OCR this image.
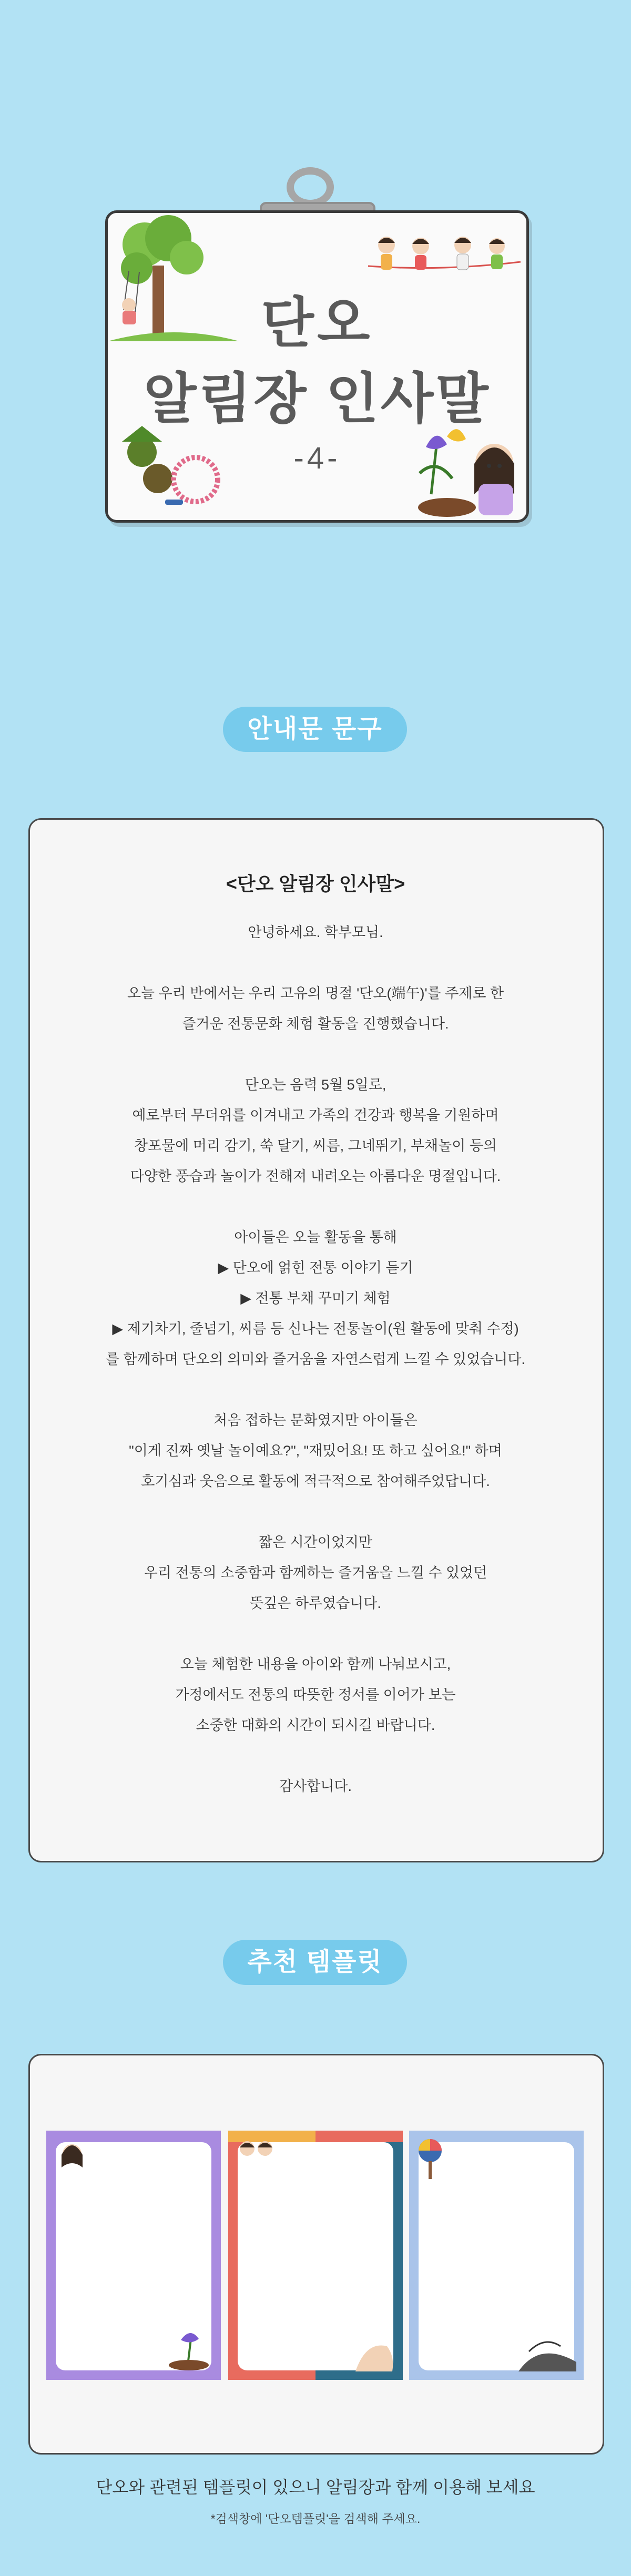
단오
알림장 인사말
-4-
안내문 문구
<단오 알림장 인사말>
안녕하세요. 학부모님.
오늘 우리 반에서는 우리 고유의 명절 '단오(端午)'를 주제로 한
즐거운 전통문화 체험 활동을 진행했습니다.
단오는 음력 5월 5일로,
예로부터 무더위를 이겨내고 가족의 건강과 행복을 기원하며
창포물에 머리 감기, 쑥 달기, 씨름, 그네뛰기, 부채놀이 등의
다양한 풍습과 놀이가 전해져 내려오는 아름다운 명절입니다.
아이들은 오늘 활동을 통해
▶ 단오에 얽힌 전통 이야기 듣기
▶ 전통 부채 꾸미기 체험
▶ 제기차기, 줄넘기, 씨름 등 신나는 전통놀이(원 활동에 맞춰 수정)
를 함께하며 단오의 의미와 즐거움을 자연스럽게 느낄 수 있었습니다.
처음 접하는 문화였지만 아이들은
"이게 진짜 옛날 놀이예요?", "재밌어요! 또 하고 싶어요!" 하며
호기심과 웃음으로 활동에 적극적으로 참여해주었답니다.
짧은 시간이었지만
우리 전통의 소중함과 함께하는 즐거움을 느낄 수 있었던
뜻깊은 하루였습니다.
오늘 체험한 내용을 아이와 함께 나눠보시고,
가정에서도 전통의 따뜻한 정서를 이어가 보는
소중한 대화의 시간이 되시길 바랍니다.
감사합니다.
추천 템플릿
단오와 관련된 템플릿이 있으니 알림장과 함께 이용해 보세요
*검색창에 '단오템플릿'을 검색해 주세요.
